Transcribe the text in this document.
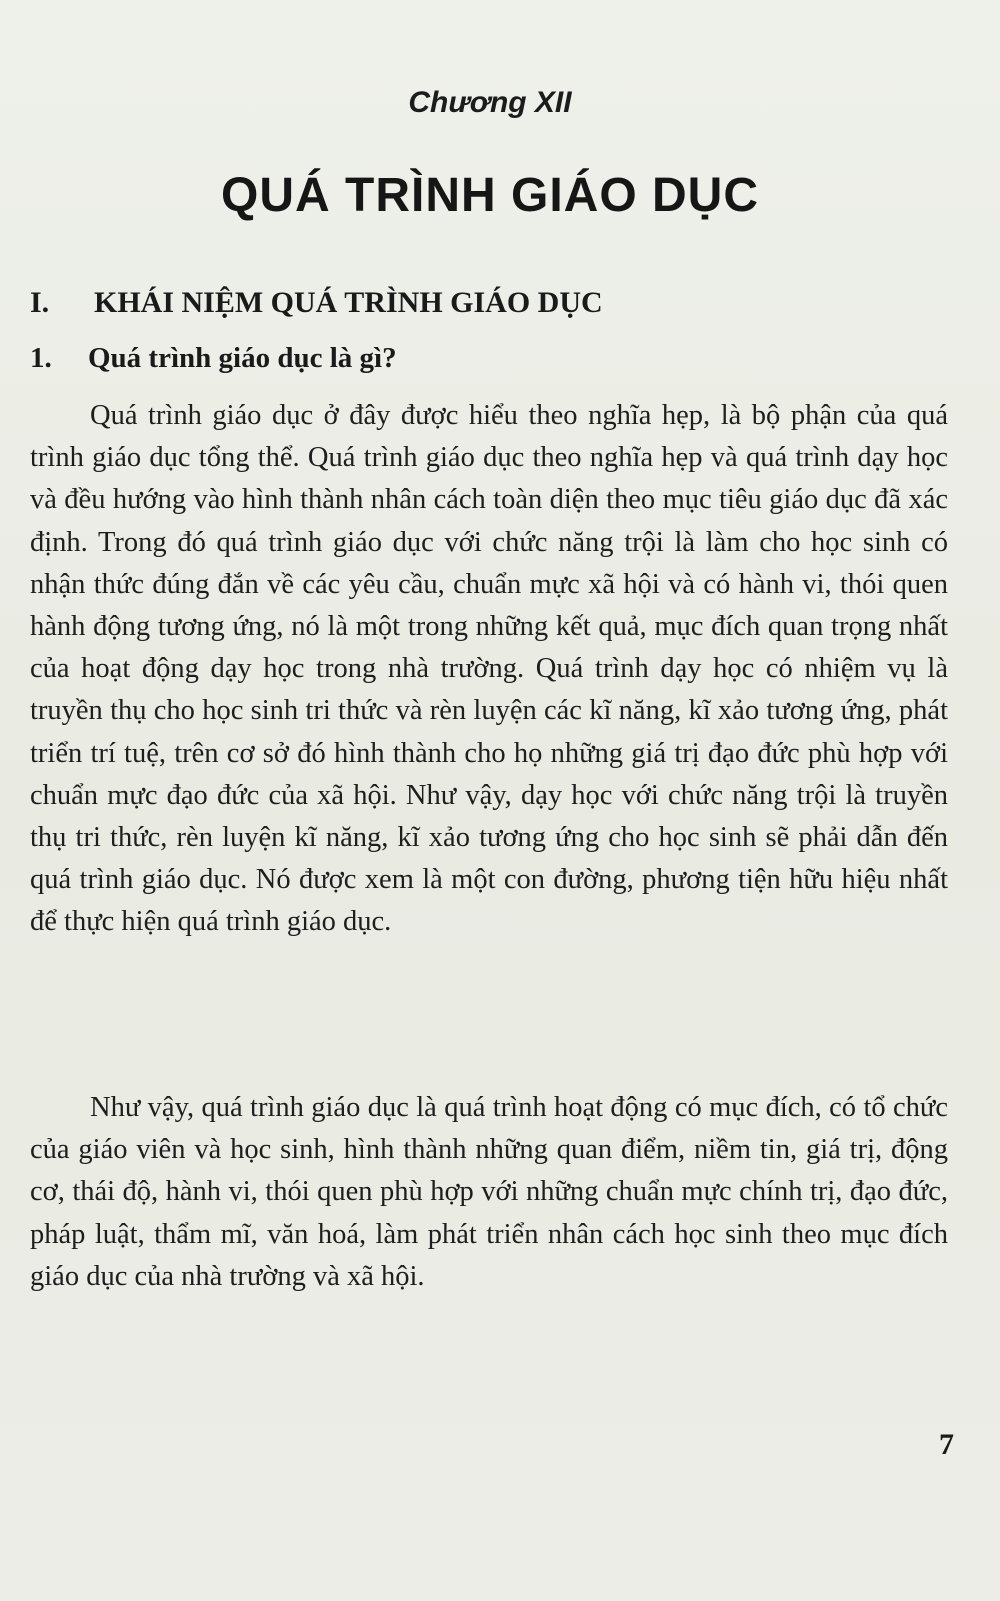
Chương XII
QUÁ TRÌNH GIÁO DỤC
I. KHÁI NIỆM QUÁ TRÌNH GIÁO DỤC
1. Quá trình giáo dục là gì?

Quá trình giáo dục ở đây được hiểu theo nghĩa hẹp, là bộ phận của quá trình giáo dục tổng thể. Quá trình giáo dục theo nghĩa hẹp và quá trình dạy học và đều hướng vào hình thành nhân cách toàn diện theo mục tiêu giáo dục đã xác định. Trong đó quá trình giáo dục với chức năng trội là làm cho học sinh có nhận thức đúng đắn về các yêu cầu, chuẩn mực xã hội và có hành vi, thói quen hành động tương ứng, nó là một trong những kết quả, mục đích quan trọng nhất của hoạt động dạy học trong nhà trường. Quá trình dạy học có nhiệm vụ là truyền thụ cho học sinh tri thức và rèn luyện các kĩ năng, kĩ xảo tương ứng, phát triển trí tuệ, trên cơ sở đó hình thành cho họ những giá trị đạo đức phù hợp với chuẩn mực đạo đức của xã hội. Như vậy, dạy học với chức năng trội là truyền thụ tri thức, rèn luyện kĩ năng, kĩ xảo tương ứng cho học sinh sẽ phải dẫn đến quá trình giáo dục. Nó được xem là một con đường, phương tiện hữu hiệu nhất để thực hiện quá trình giáo dục.

Như vậy, quá trình giáo dục là quá trình hoạt động có mục đích, có tổ chức của giáo viên và học sinh, hình thành những quan điểm, niềm tin, giá trị, động cơ, thái độ, hành vi, thói quen phù hợp với những chuẩn mực chính trị, đạo đức, pháp luật, thẩm mĩ, văn hoá, làm phát triển nhân cách học sinh theo mục đích giáo dục của nhà trường và xã hội.

7
